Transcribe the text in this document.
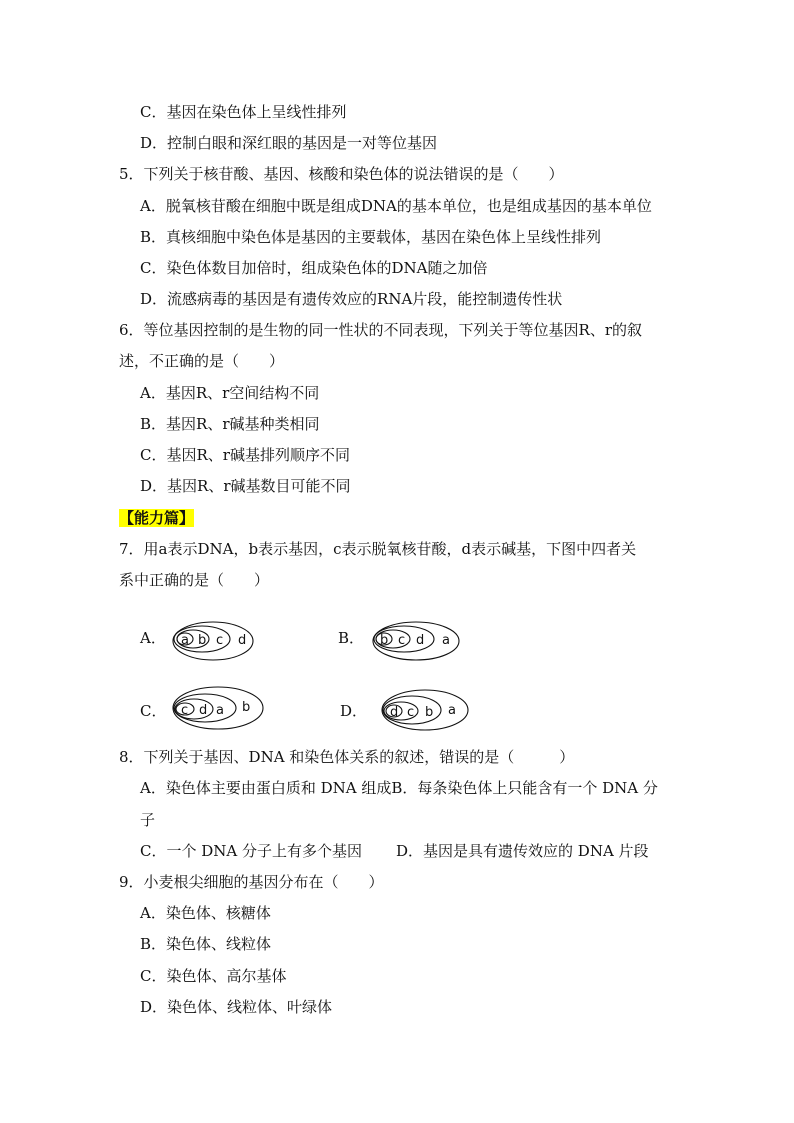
C．基因在染色体上呈线性排列
D．控制白眼和深红眼的基因是一对等位基因
5．下列关于核苷酸、基因、核酸和染色体的说法错误的是（　　）
A．脱氧核苷酸在细胞中既是组成DNA的基本单位，也是组成基因的基本单位
B．真核细胞中染色体是基因的主要载体，基因在染色体上呈线性排列
C．染色体数目加倍时，组成染色体的DNA随之加倍
D．流感病毒的基因是有遗传效应的RNA片段，能控制遗传性状
6．等位基因控制的是生物的同一性状的不同表现，下列关于等位基因R、r的叙
述，不正确的是（　　）
A．基因R、r空间结构不同
B．基因R、r碱基种类相同
C．基因R、r碱基排列顺序不同
D．基因R、r碱基数目可能不同
【能力篇】
7．用a表示DNA，b表示基因，c表示脱氧核苷酸，d表示碱基，下图中四者关
系中正确的是（　　）
A． a b c d	B． b c d a
C． c d a b	D． d c b a
8．下列关于基因、DNA 和染色体关系的叙述，错误的是（　　　）
A．染色体主要由蛋白质和 DNA 组成B．每条染色体上只能含有一个 DNA 分
子
C．一个 DNA 分子上有多个基因 D．基因是具有遗传效应的 DNA 片段
9．小麦根尖细胞的基因分布在（　　）
A．染色体、核糖体
B．染色体、线粒体
C．染色体、高尔基体
D．染色体、线粒体、叶绿体
